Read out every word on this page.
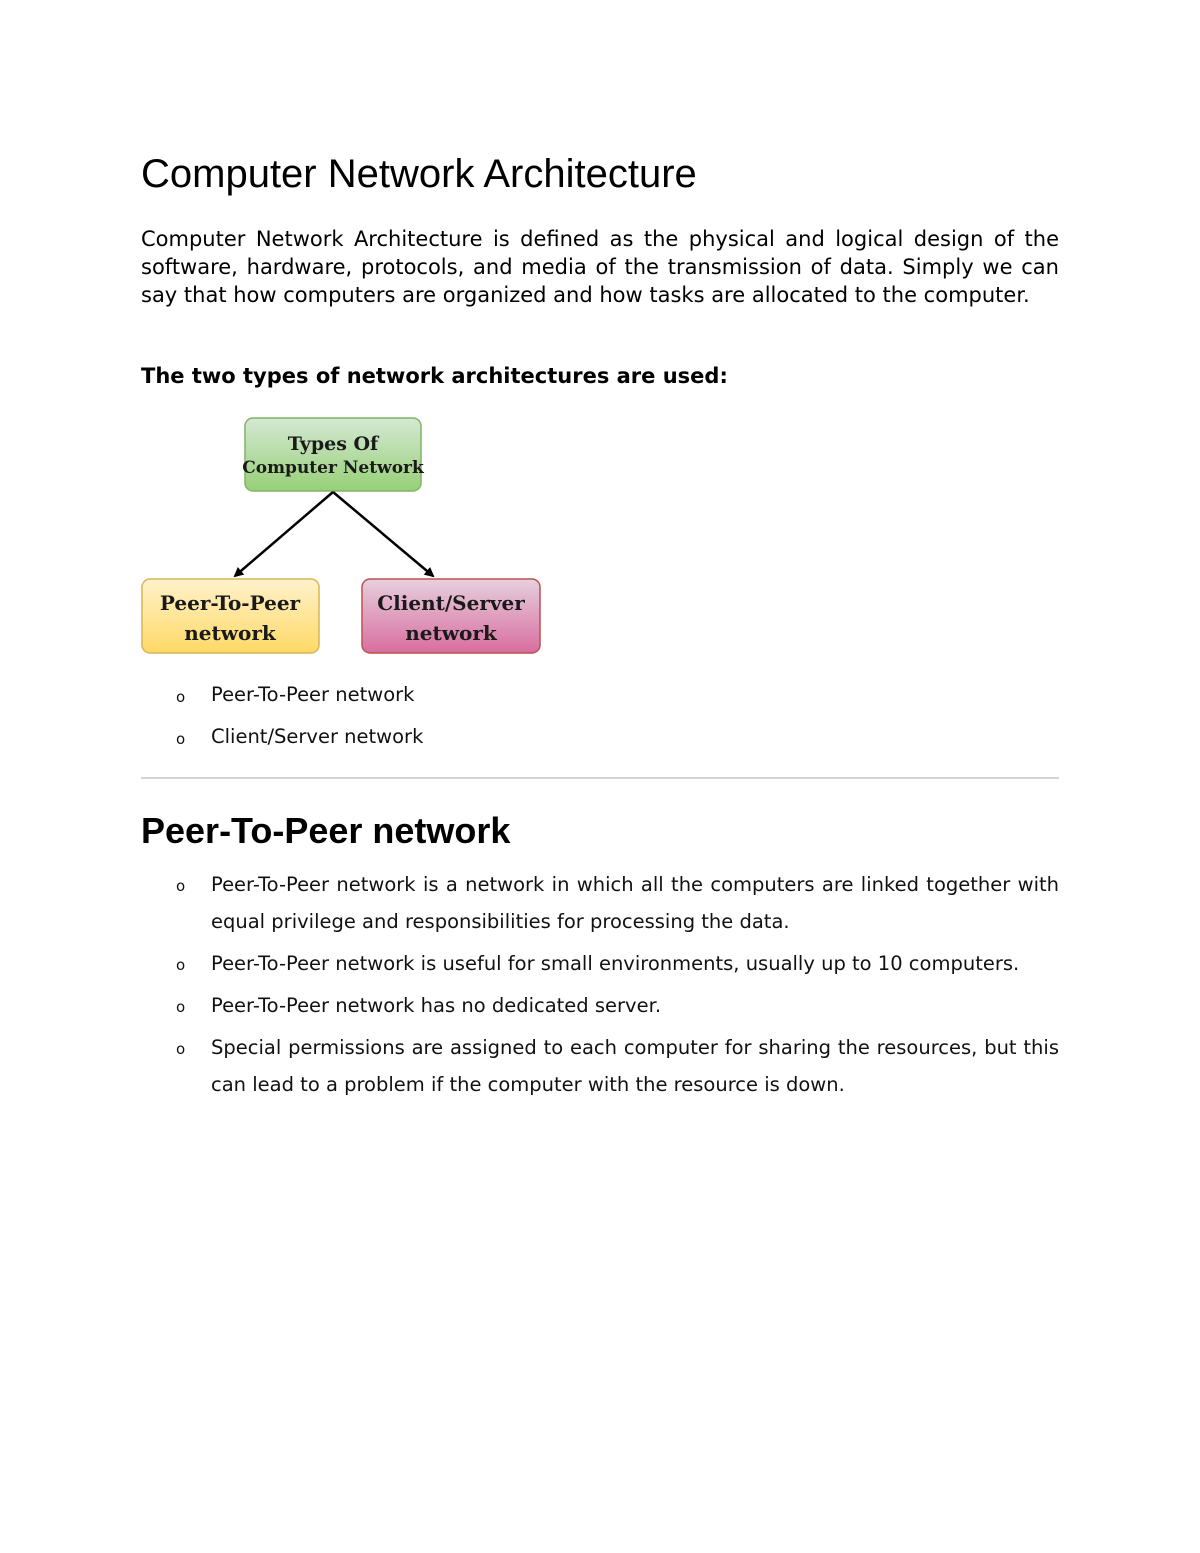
Computer Network Architecture

Computer Network Architecture is defined as the physical and logical design of the software, hardware, protocols, and media of the transmission of data. Simply we can say that how computers are organized and how tasks are allocated to the computer.

The two types of network architectures are used:

Types Of
Computer Network
Peer-To-Peer
network
Client/Server
network
o Peer-To-Peer network
o Client/Server network
Peer-To-Peer network
o Peer-To-Peer network is a network in which all the computers are linked together with equal privilege and responsibilities for processing the data.
o Peer-To-Peer network is useful for small environments, usually up to 10 computers.
o Peer-To-Peer network has no dedicated server.
o Special permissions are assigned to each computer for sharing the resources, but this can lead to a problem if the computer with the resource is down.
